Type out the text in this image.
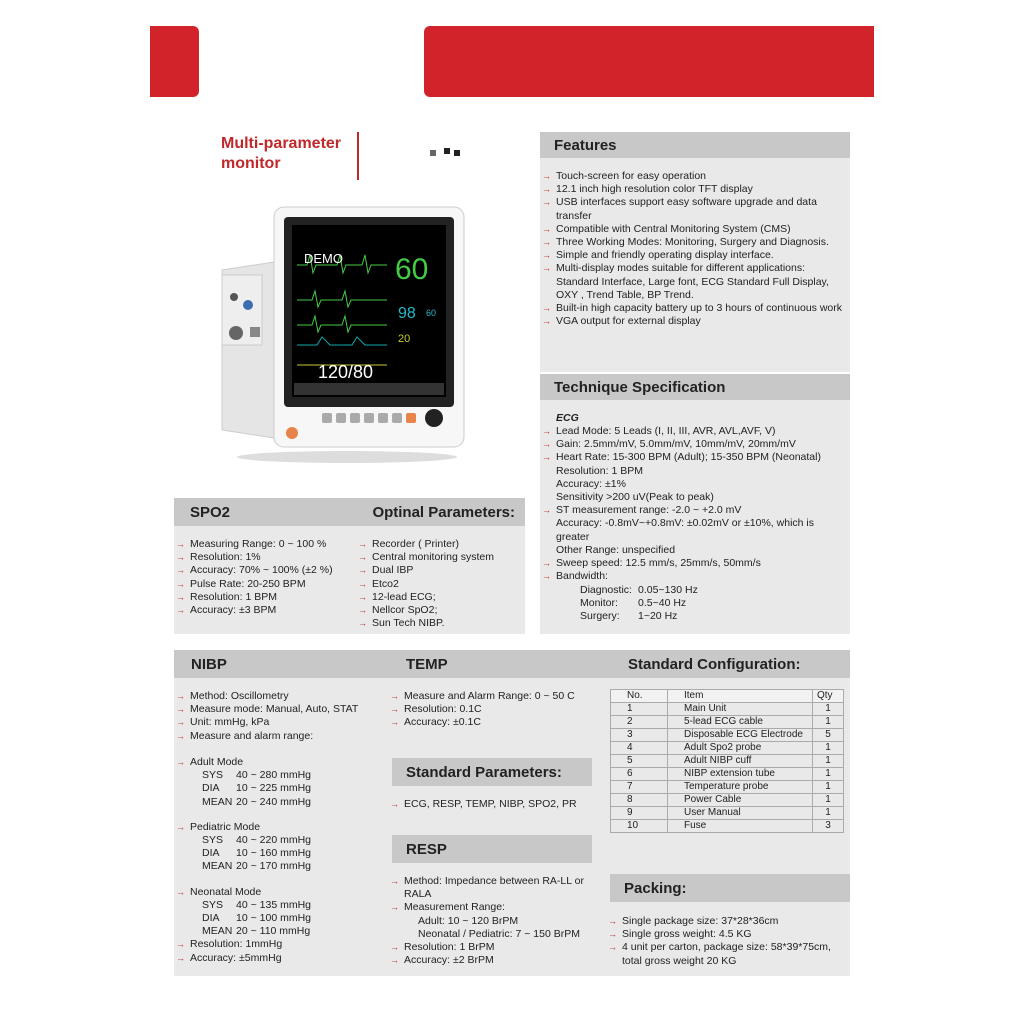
Multi-parameter
monitor
DEMO 60
98 60
20
120/80
Features
→ Touch-screen for easy operation
→ 12.1 inch high resolution color TFT display
→ USB interfaces support easy software upgrade and data transfer
→ Compatible with Central Monitoring System (CMS)
→ Three Working Modes: Monitoring, Surgery and Diagnosis.
→ Simple and friendly operating display interface.
→ Multi-display modes suitable for different applications: Standard Interface, Large font, ECG Standard Full Display, OXY , Trend Table, BP Trend.
→ Built-in high capacity battery up to 3 hours of continuous work
→ VGA output for external display
Technique Specification
ECG
→ Lead Mode: 5 Leads (I, II, III, AVR, AVL,AVF, V)
→ Gain: 2.5mm/mV, 5.0mm/mV, 10mm/mV, 20mm/mV
→ Heart Rate: 15-300 BPM (Adult); 15-350 BPM (Neonatal)
Resolution: 1 BPM
Accuracy: ±1%
Sensitivity >200 uV(Peak to peak)
→ ST measurement range: -2.0 ~ +2.0 mV
Accuracy: -0.8mV~+0.8mV: ±0.02mV or ±10%, which is greater
Other Range: unspecified
→ Sweep speed: 12.5 mm/s, 25mm/s, 50mm/s
→ Bandwidth:
Diagnostic: 0.05~130 Hz
Monitor: 0.5~40 Hz
Surgery: 1~20 Hz
SPO2	Optinal Parameters:
→ Measuring Range: 0 ~ 100 %
→ Resolution: 1%
→ Accuracy: 70% ~ 100% (±2 %)
→ Pulse Rate: 20-250 BPM
→ Resolution: 1 BPM
→ Accuracy: ±3 BPM
→ Recorder ( Printer)
→ Central monitoring system
→ Dual IBP
→ Etco2
→ 12-lead ECG;
→ Nellcor SpO2;
→ Sun Tech NIBP.
NIBP	TEMP	Standard Configuration:
→ Method: Oscillometry
→ Measure mode: Manual, Auto, STAT
→ Unit: mmHg, kPa
→ Measure and alarm range:
→ Adult Mode
SYS 40 ~ 280 mmHg
DIA 10 ~ 225 mmHg
MEAN 20 ~ 240 mmHg
→ Pediatric Mode
SYS 40 ~ 220 mmHg
DIA 10 ~ 160 mmHg
MEAN 20 ~ 170 mmHg
→ Neonatal Mode
SYS 40 ~ 135 mmHg
DIA 10 ~ 100 mmHg
MEAN 20 ~ 110 mmHg
→ Resolution: 1mmHg
→ Accuracy: ±5mmHg
→ Measure and Alarm Range: 0 ~ 50 C
→ Resolution: 0.1C
→ Accuracy: ±0.1C
Standard Parameters:
→ ECG, RESP, TEMP, NIBP, SPO2, PR
RESP
→ Method: Impedance between RA-LL or RALA
→ Measurement Range:
Adult: 10 ~ 120 BrPM
Neonatal / Pediatric: 7 ~ 150 BrPM
→ Resolution: 1 BrPM
→ Accuracy: ±2 BrPM
No.	Item	Qty
1	Main Unit	1
2	5-lead ECG cable	1
3	Disposable ECG Electrode	5
4	Adult Spo2 probe	1
5	Adult NIBP cuff	1
6	NIBP extension tube	1
7	Temperature probe	1
8	Power Cable	1
9	User Manual	1
10	Fuse	3
Packing:
→ Single package size: 37*28*36cm
→ Single gross weight: 4.5 KG
→ 4 unit per carton, package size: 58*39*75cm, total gross weight 20 KG
